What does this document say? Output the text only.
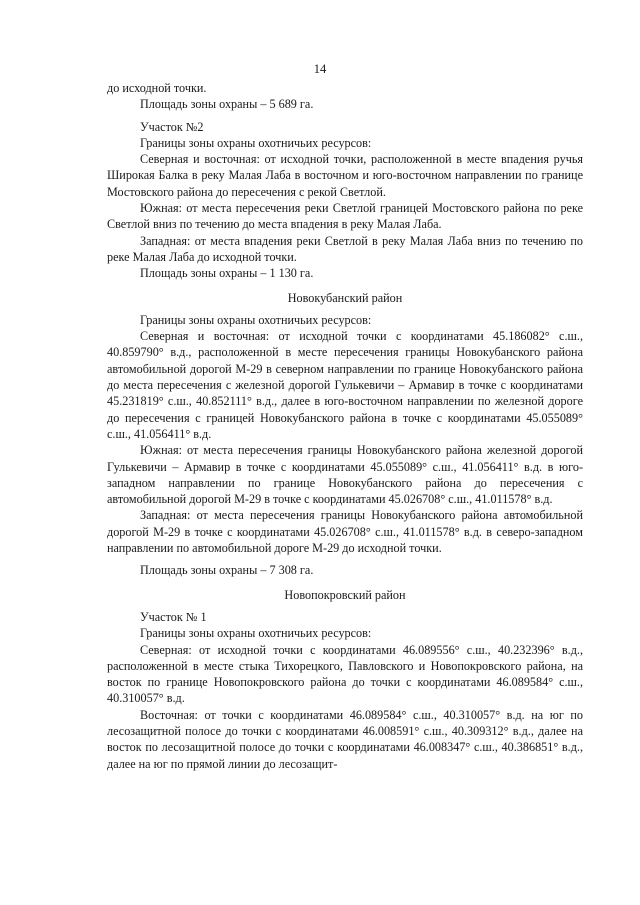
14

до исходной точки.

Площадь зоны охраны – 5 689 га.

Участок №2

Границы зоны охраны охотничьих ресурсов:

Северная и восточная: от исходной точки, расположенной в месте впадения ручья Широкая Балка в реку Малая Лаба в восточном и юго-восточном направлении по границе Мостовского района до пересечения с рекой Светлой.

Южная: от места пересечения реки Светлой границей Мостовского района по реке Светлой вниз по течению до места впадения в реку Малая Лаба.

Западная: от места впадения реки Светлой в реку Малая Лаба вниз по течению по реке Малая Лаба до исходной точки.

Площадь зоны охраны – 1 130 га.

Новокубанский район

Границы зоны охраны охотничьих ресурсов:

Северная и восточная: от исходной точки с координатами 45.186082° с.ш., 40.859790° в.д., расположенной в месте пересечения границы Новокубанского района автомобильной дорогой М-29 в северном направлении по границе Новокубанского района до места пересечения с железной дорогой Гулькевичи – Армавир в точке с координатами 45.231819° с.ш., 40.852111° в.д., далее в юго-восточном направлении по железной дороге до пересечения с границей Новокубанского района в точке с координатами 45.055089° с.ш., 41.056411° в.д.

Южная: от места пересечения границы Новокубанского района железной дорогой Гулькевичи – Армавир в точке с координатами 45.055089° с.ш., 41.056411° в.д. в юго-западном направлении по границе Новокубанского района до пересечения с автомобильной дорогой М-29 в точке с координатами 45.026708° с.ш., 41.011578° в.д.

Западная: от места пересечения границы Новокубанского района автомобильной дорогой М-29 в точке с координатами 45.026708° с.ш., 41.011578° в.д. в северо-западном направлении по автомобильной дороге М-29 до исходной точки.

Площадь зоны охраны – 7 308 га.

Новопокровский район

Участок № 1

Границы зоны охраны охотничьих ресурсов:

Северная: от исходной точки с координатами 46.089556° с.ш., 40.232396° в.д., расположенной в месте стыка Тихорецкого, Павловского и Новопокровского района, на восток по границе Новопокровского района до точки с координатами 46.089584° с.ш., 40.310057° в.д.

Восточная: от точки с координатами 46.089584° с.ш., 40.310057° в.д. на юг по лесозащитной полосе до точки с координатами 46.008591° с.ш., 40.309312° в.д., далее на восток по лесозащитной полосе до точки с координатами 46.008347° с.ш., 40.386851° в.д., далее на юг по прямой линии до лесозащит-
